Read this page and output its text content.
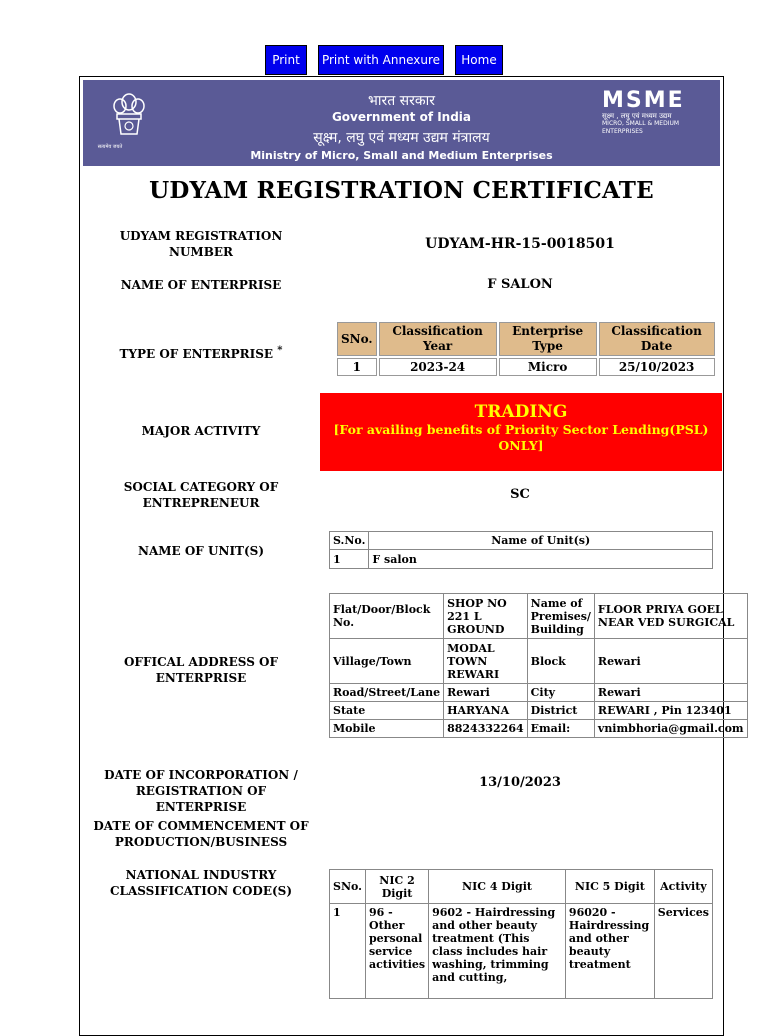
Print	Print with Annexure	Home
सत्यमेव जयते
भारत सरकार
Government of India
सूक्ष्म, लघु एवं मध्यम उद्यम मंत्रालय
Ministry of Micro, Small and Medium Enterprises
MSME
सूक्ष्म , लघु एवं मध्यम उद्यम
MICRO, SMALL & MEDIUM ENTERPRISES
UDYAM REGISTRATION CERTIFICATE
UDYAM REGISTRATION NUMBER	UDYAM-HR-15-0018501
NAME OF ENTERPRISE	F SALON
TYPE OF ENTERPRISE *
SNo.	Classification Year	Enterprise Type	Classification Date
1	2023-24	Micro	25/10/2023
MAJOR ACTIVITY
TRADING
[For availing benefits of Priority Sector Lending(PSL) ONLY]
SOCIAL CATEGORY OF ENTREPRENEUR
SC
NAME OF UNIT(S)
S.No.	Name of Unit(s)
1	F salon
OFFICAL ADDRESS OF ENTERPRISE
Flat/Door/Block No.	SHOP NO 221 L GROUND	Name of Premises/ Building	FLOOR PRIYA GOEL NEAR VED SURGICAL
Village/Town	MODAL TOWN REWARI	Block	Rewari
Road/Street/Lane	Rewari	City	Rewari
State	HARYANA	District	REWARI , Pin 123401
Mobile	8824332264	Email:	vnimbhoria@gmail.com
DATE OF INCORPORATION / REGISTRATION OF ENTERPRISE
13/10/2023
DATE OF COMMENCEMENT OF PRODUCTION/BUSINESS
NATIONAL INDUSTRY CLASSIFICATION CODE(S)	SNo.	NIC 2 Digit	NIC 4 Digit	NIC 5 Digit	Activity
1	96 - Other personal service activities	9602 - Hairdressing and other beauty treatment (This class includes hair washing, trimming and cutting,	96020 - Hairdressing and other beauty treatment	Services
